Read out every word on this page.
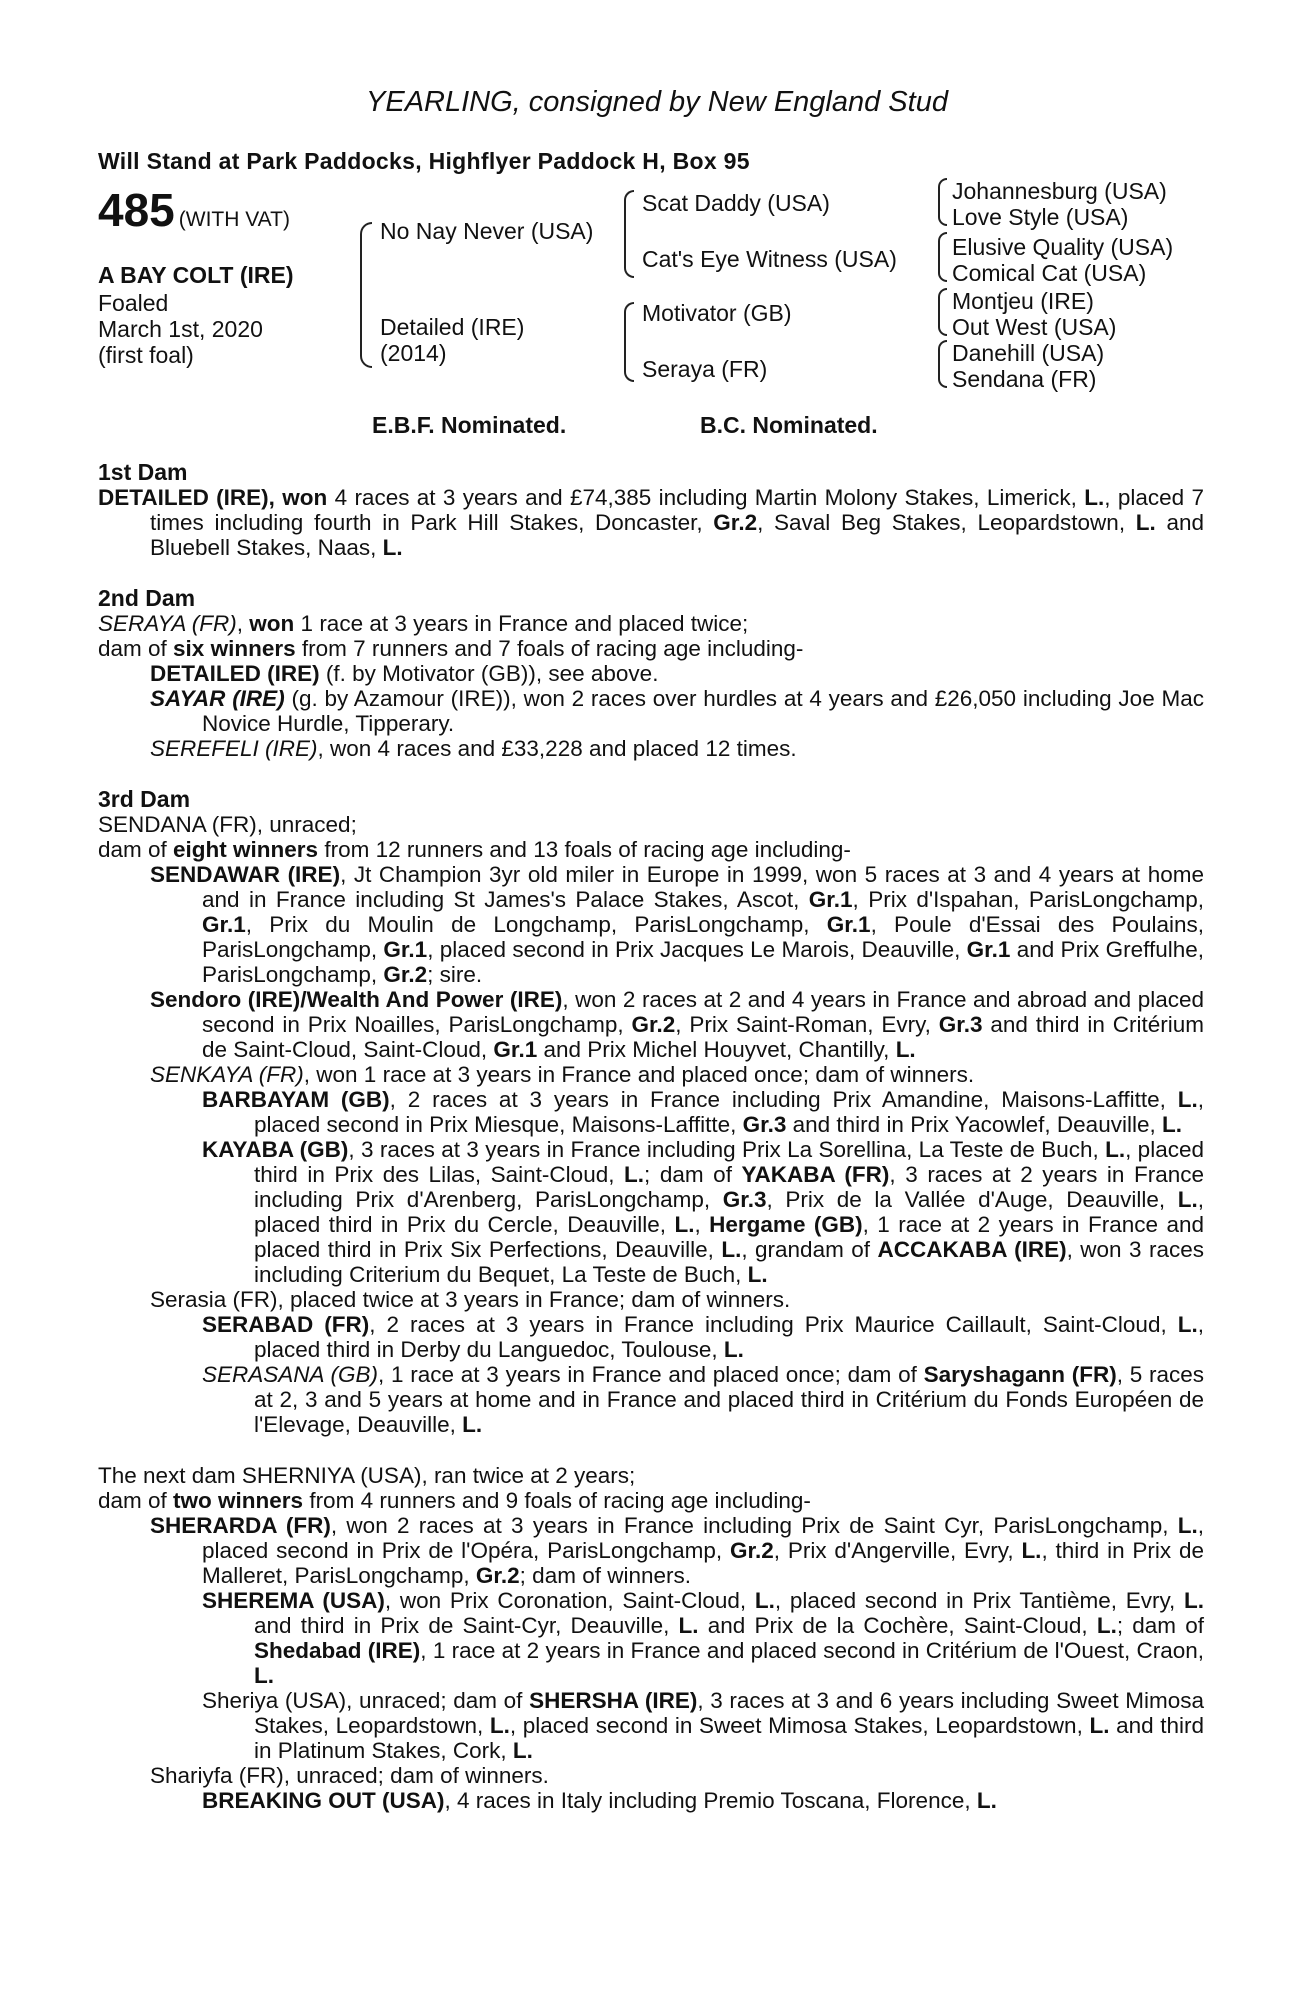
YEARLING, consigned by New England Stud
Will Stand at Park Paddocks, Highflyer Paddock H, Box 95
485 (WITH VAT)
A BAY COLT (IRE)
Foaled
March 1st, 2020
(first foal)
No Nay Never (USA)
Detailed (IRE)
(2014)
Scat Daddy (USA)
Cat's Eye Witness (USA)
Motivator (GB)
Seraya (FR)
Johannesburg (USA)
Love Style (USA)
Elusive Quality (USA)
Comical Cat (USA)
Montjeu (IRE)
Out West (USA)
Danehill (USA)
Sendana (FR)
E.B.F. Nominated.	B.C. Nominated.
1st Dam
DETAILED (IRE), won 4 races at 3 years and £74,385 including Martin Molony Stakes, Limerick, L., placed 7 times including fourth in Park Hill Stakes, Doncaster, Gr.2, Saval Beg Stakes, Leopardstown, L. and Bluebell Stakes, Naas, L.
2nd Dam
SERAYA (FR), won 1 race at 3 years in France and placed twice;
dam of six winners from 7 runners and 7 foals of racing age including-
DETAILED (IRE) (f. by Motivator (GB)), see above.
SAYAR (IRE) (g. by Azamour (IRE)), won 2 races over hurdles at 4 years and £26,050 including Joe Mac Novice Hurdle, Tipperary.
SEREFELI (IRE), won 4 races and £33,228 and placed 12 times.
3rd Dam
SENDANA (FR), unraced;
dam of eight winners from 12 runners and 13 foals of racing age including-
SENDAWAR (IRE), Jt Champion 3yr old miler in Europe in 1999, won 5 races at 3 and 4 years at home and in France including St James's Palace Stakes, Ascot, Gr.1, Prix d'Ispahan, ParisLongchamp, Gr.1, Prix du Moulin de Longchamp, ParisLongchamp, Gr.1, Poule d'Essai des Poulains, ParisLongchamp, Gr.1, placed second in Prix Jacques Le Marois, Deauville, Gr.1 and Prix Greffulhe, ParisLongchamp, Gr.2; sire.
Sendoro (IRE)/Wealth And Power (IRE), won 2 races at 2 and 4 years in France and abroad and placed second in Prix Noailles, ParisLongchamp, Gr.2, Prix Saint-Roman, Evry, Gr.3 and third in Critérium de Saint-Cloud, Saint-Cloud, Gr.1 and Prix Michel Houyvet, Chantilly, L.
SENKAYA (FR), won 1 race at 3 years in France and placed once; dam of winners.
BARBAYAM (GB), 2 races at 3 years in France including Prix Amandine, Maisons-Laffitte, L., placed second in Prix Miesque, Maisons-Laffitte, Gr.3 and third in Prix Yacowlef, Deauville, L.
KAYABA (GB), 3 races at 3 years in France including Prix La Sorellina, La Teste de Buch, L., placed third in Prix des Lilas, Saint-Cloud, L.; dam of YAKABA (FR), 3 races at 2 years in France including Prix d'Arenberg, ParisLongchamp, Gr.3, Prix de la Vallée d'Auge, Deauville, L., placed third in Prix du Cercle, Deauville, L., Hergame (GB), 1 race at 2 years in France and placed third in Prix Six Perfections, Deauville, L., grandam of ACCAKABA (IRE), won 3 races including Criterium du Bequet, La Teste de Buch, L.
Serasia (FR), placed twice at 3 years in France; dam of winners.
SERABAD (FR), 2 races at 3 years in France including Prix Maurice Caillault, Saint-Cloud, L., placed third in Derby du Languedoc, Toulouse, L.
SERASANA (GB), 1 race at 3 years in France and placed once; dam of Saryshagann (FR), 5 races at 2, 3 and 5 years at home and in France and placed third in Critérium du Fonds Européen de l'Elevage, Deauville, L.
The next dam SHERNIYA (USA), ran twice at 2 years;
dam of two winners from 4 runners and 9 foals of racing age including-
SHERARDA (FR), won 2 races at 3 years in France including Prix de Saint Cyr, ParisLongchamp, L., placed second in Prix de l'Opéra, ParisLongchamp, Gr.2, Prix d'Angerville, Evry, L., third in Prix de Malleret, ParisLongchamp, Gr.2; dam of winners.
SHEREMA (USA), won Prix Coronation, Saint-Cloud, L., placed second in Prix Tantième, Evry, L. and third in Prix de Saint-Cyr, Deauville, L. and Prix de la Cochère, Saint-Cloud, L.; dam of Shedabad (IRE), 1 race at 2 years in France and placed second in Critérium de l'Ouest, Craon, L.
Sheriya (USA), unraced; dam of SHERSHA (IRE), 3 races at 3 and 6 years including Sweet Mimosa Stakes, Leopardstown, L., placed second in Sweet Mimosa Stakes, Leopardstown, L. and third in Platinum Stakes, Cork, L.
Shariyfa (FR), unraced; dam of winners.
BREAKING OUT (USA), 4 races in Italy including Premio Toscana, Florence, L.
